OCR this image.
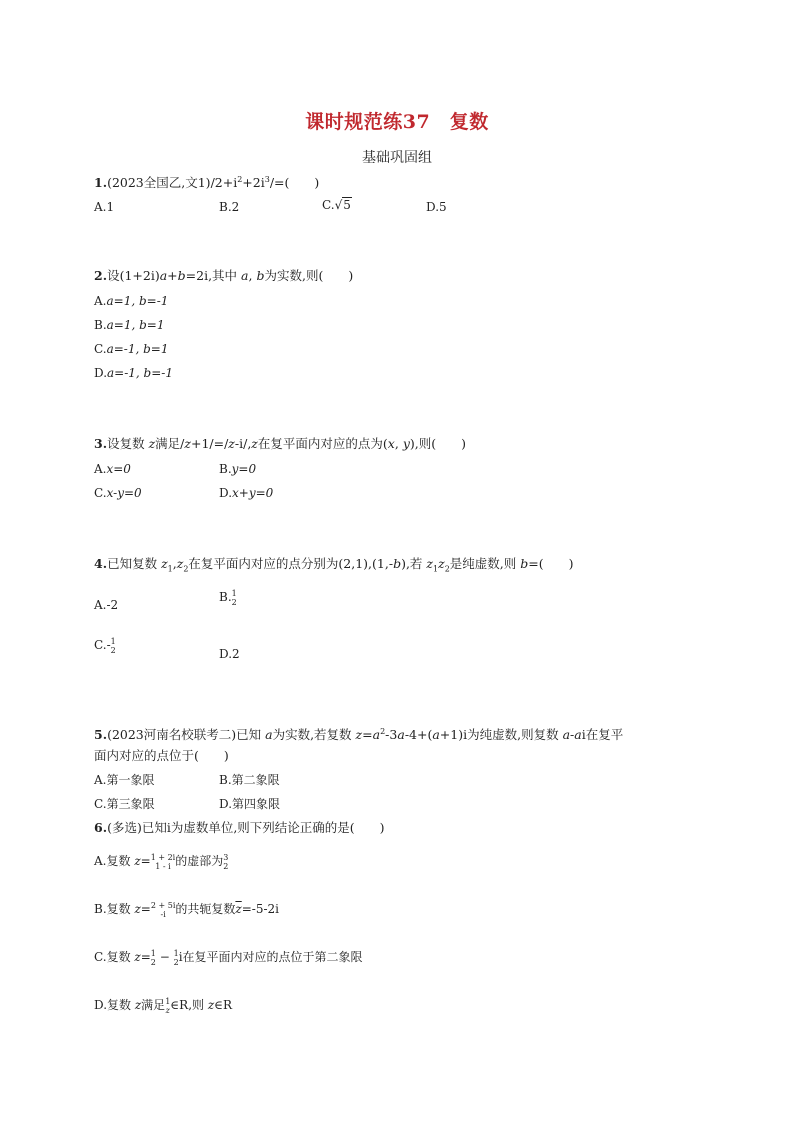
课时规范练37　复数
基础巩固组
1.(2023全国乙,文$1)/2+i^2+2i^3/=$(　　)
A.1	B.2	C.√5	D.5
2.设(1+2i)a+b=2i,其中 a, b为实数,则(　　)
A.a=1, b=-1
B.a=1, b=1
C.a=-1, b=1
D.a=-1, b=-1
3.设复数 z满足/z+1/=/z-i/,z在复平面内对应的点为(x, y),则(　　)
A.x=0	B.y=0
C.x-y=0	D.x+y=0
4.已知复数 $z_1,z_2$在复平面内对应的点分别为(2,1),(1,-b),若 $z_1z_2$是纯虚数,则 b=(　　)
A.-2
B. 1
2
C.- 1
2	D.2
5.(2023河南名校联考二)已知 a为实数,若复数 $z=a^2-3a-4+(a+1)i$为纯虚数,则复数 a-ai在复平
面内对应的点位于(　　)
A.第一象限	B.第二象限
C.第三象限	D.第四象限
6.(多选)已知i为虚数单位,则下列结论正确的是(　　)
A.复数 z= 1 + 2i
1 - i 的虚部为 3
2
B.复数 z= 2 + 5i
-i 的共轭复数$\overline{z}=-5-2i$
C.复数 z= 1
2 − 1
2 i在复平面内对应的点位于第二象限
D.复数 z满足 1
z ∈R,则 z∈R
